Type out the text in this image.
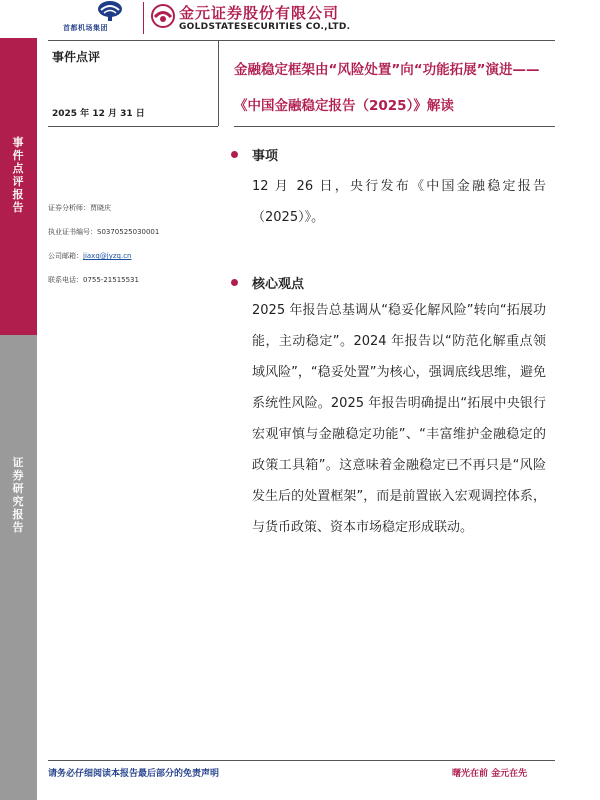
事件点评报告
证券研究报告
首都机场集团
金元证券股份有限公司
GOLDSTATESECURITIES CO.,LTD.
事件点评
2025 年 12 月 31 日
金融稳定框架由“风险处置”向“功能拓展”演进——《中国金融稳定报告（2025）》解读
证券分析师：贾晓庆
执业证书编号：S0370525030001
公司邮箱：jiaxq@jyzq.cn
联系电话：0755-21515531
事项
12 月 26 日，央行发布《中国金融稳定报告（2025）》。
核心观点
2025 年报告总基调从“稳妥化解风险”转向“拓展功能，主动稳定”。2024 年报告以“防范化解重点领域风险”，“稳妥处置”为核心，强调底线思维，避免系统性风险。2025 年报告明确提出“拓展中央银行宏观审慎与金融稳定功能”、“丰富维护金融稳定的政策工具箱”。这意味着金融稳定已不再只是“风险发生后的处置框架”，而是前置嵌入宏观调控体系，与货币政策、资本市场稳定形成联动。
请务必仔细阅读本报告最后部分的免责声明	曙光在前 金元在先
